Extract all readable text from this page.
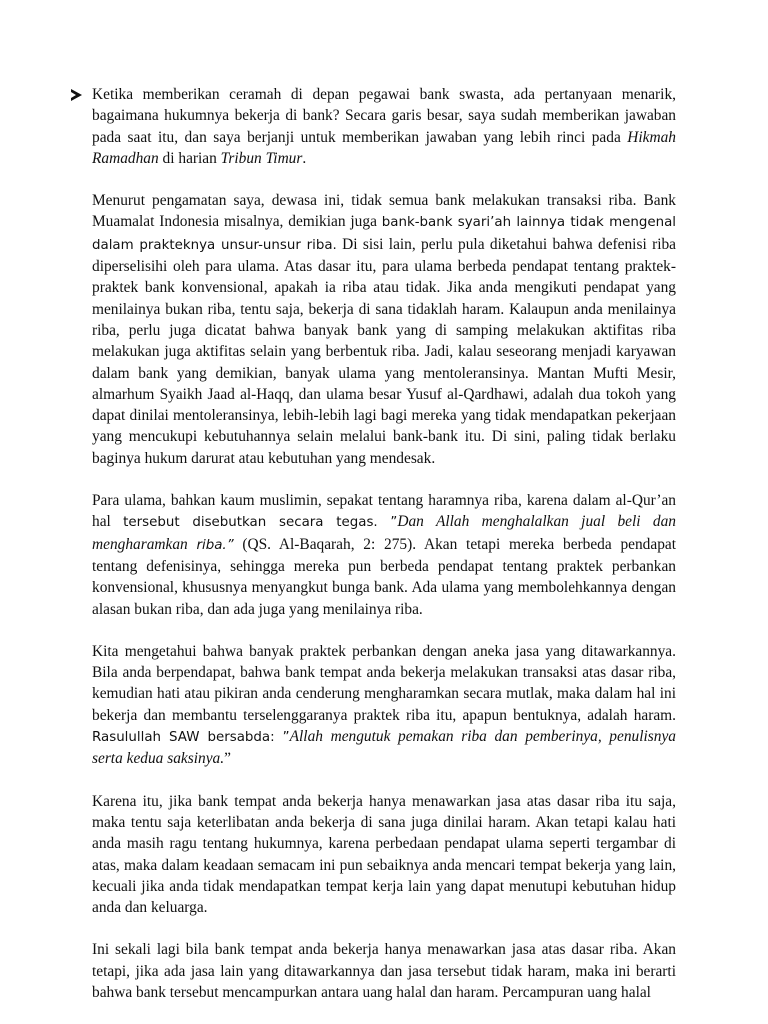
Ketika memberikan ceramah di depan pegawai bank swasta, ada pertanyaan menarik, bagaimana hukumnya bekerja di bank? Secara garis besar, saya sudah memberikan jawaban pada saat itu, dan saya berjanji untuk memberikan jawaban yang lebih rinci pada Hikmah Ramadhan di harian Tribun Timur.

Menurut pengamatan saya, dewasa ini, tidak semua bank melakukan transaksi riba. Bank Muamalat Indonesia misalnya, demikian juga bank-bank syari’ah lainnya tidak mengenal dalam prakteknya unsur-unsur riba. Di sisi lain, perlu pula diketahui bahwa defenisi riba diperselisihi oleh para ulama. Atas dasar itu, para ulama berbeda pendapat tentang praktek-praktek bank konvensional, apakah ia riba atau tidak. Jika anda mengikuti pendapat yang menilainya bukan riba, tentu saja, bekerja di sana tidaklah haram. Kalaupun anda menilainya riba, perlu juga dicatat bahwa banyak bank yang di samping melakukan aktifitas riba melakukan juga aktifitas selain yang berbentuk riba. Jadi, kalau seseorang menjadi karyawan dalam bank yang demikian, banyak ulama yang mentoleransinya. Mantan Mufti Mesir, almarhum Syaikh Jaad al-Haqq, dan ulama besar Yusuf al-Qardhawi, adalah dua tokoh yang dapat dinilai mentoleransinya, lebih-lebih lagi bagi mereka yang tidak mendapatkan pekerjaan yang mencukupi kebutuhannya selain melalui bank-bank itu. Di sini, paling tidak berlaku baginya hukum darurat atau kebutuhan yang mendesak.

Para ulama, bahkan kaum muslimin, sepakat tentang haramnya riba, karena dalam al-Qur’an hal tersebut disebutkan secara tegas. ”Dan Allah menghalalkan jual beli dan mengharamkan riba.” (QS. Al-Baqarah, 2: 275). Akan tetapi mereka berbeda pendapat tentang defenisinya, sehingga mereka pun berbeda pendapat tentang praktek perbankan konvensional, khususnya menyangkut bunga bank. Ada ulama yang membolehkannya dengan alasan bukan riba, dan ada juga yang menilainya riba.

Kita mengetahui bahwa banyak praktek perbankan dengan aneka jasa yang ditawarkannya. Bila anda berpendapat, bahwa bank tempat anda bekerja melakukan transaksi atas dasar riba, kemudian hati atau pikiran anda cenderung mengharamkan secara mutlak, maka dalam hal ini bekerja dan membantu terselenggaranya praktek riba itu, apapun bentuknya, adalah haram. Rasulullah SAW bersabda: ”Allah mengutuk pemakan riba dan pemberinya, penulisnya serta kedua saksinya.”

Karena itu, jika bank tempat anda bekerja hanya menawarkan jasa atas dasar riba itu saja, maka tentu saja keterlibatan anda bekerja di sana juga dinilai haram. Akan tetapi kalau hati anda masih ragu tentang hukumnya, karena perbedaan pendapat ulama seperti tergambar di atas, maka dalam keadaan semacam ini pun sebaiknya anda mencari tempat bekerja yang lain, kecuali jika anda tidak mendapatkan tempat kerja lain yang dapat menutupi kebutuhan hidup anda dan keluarga.

Ini sekali lagi bila bank tempat anda bekerja hanya menawarkan jasa atas dasar riba. Akan tetapi, jika ada jasa lain yang ditawarkannya dan jasa tersebut tidak haram, maka ini berarti bahwa bank tersebut mencampurkan antara uang halal dan haram. Percampuran uang halal
